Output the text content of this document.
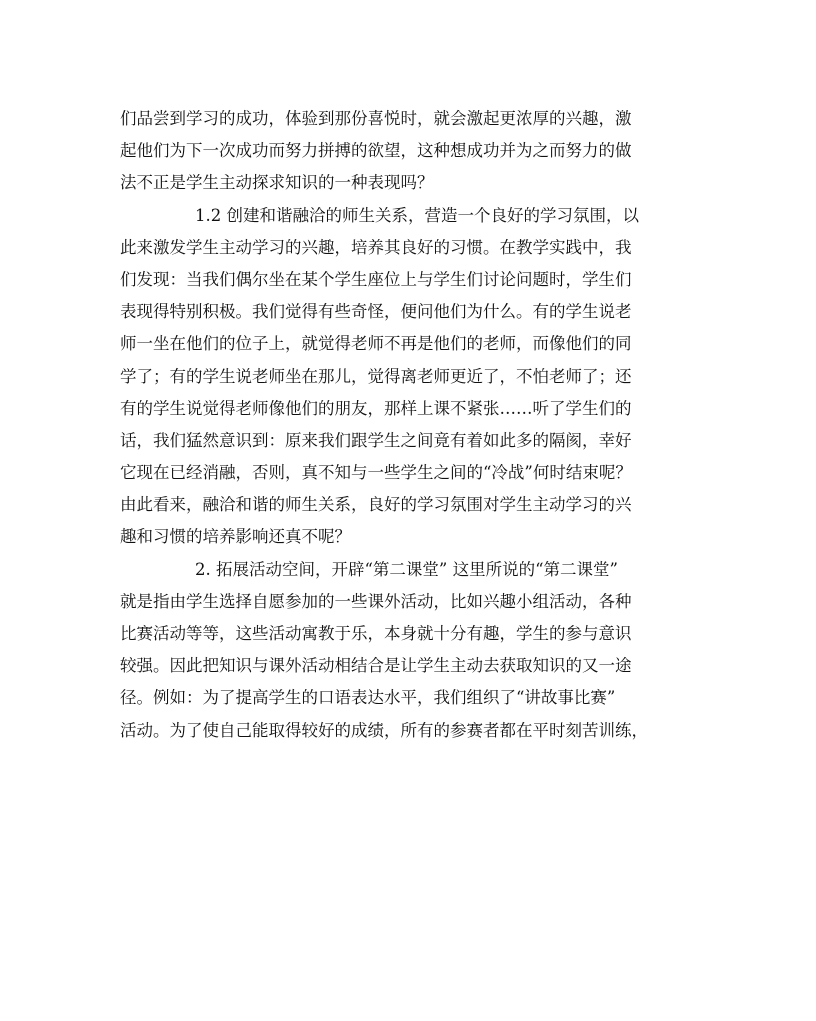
们品尝到学习的成功，体验到那份喜悦时，就会激起更浓厚的兴趣，激
起他们为下一次成功而努力拼搏的欲望，这种想成功并为之而努力的做
法不正是学生主动探求知识的一种表现吗？
1.2 创建和谐融洽的师生关系，营造一个良好的学习氛围，以
此来激发学生主动学习的兴趣，培养其良好的习惯。在教学实践中，我
们发现：当我们偶尔坐在某个学生座位上与学生们讨论问题时，学生们
表现得特别积极。我们觉得有些奇怪，便问他们为什么。有的学生说老
师一坐在他们的位子上，就觉得老师不再是他们的老师，而像他们的同
学了；有的学生说老师坐在那儿，觉得离老师更近了，不怕老师了；还
有的学生说觉得老师像他们的朋友，那样上课不紧张……听了学生们的
话，我们猛然意识到：原来我们跟学生之间竟有着如此多的隔阂，幸好
它现在已经消融，否则，真不知与一些学生之间的“冷战”何时结束呢？
由此看来，融洽和谐的师生关系，良好的学习氛围对学生主动学习的兴
趣和习惯的培养影响还真不呢？
2. 拓展活动空间，开辟“第二课堂” 这里所说的“第二课堂”
就是指由学生选择自愿参加的一些课外活动，比如兴趣小组活动，各种
比赛活动等等，这些活动寓教于乐，本身就十分有趣，学生的参与意识
较强。因此把知识与课外活动相结合是让学生主动去获取知识的又一途
径。例如：为了提高学生的口语表达水平，我们组织了“讲故事比赛”
活动。为了使自己能取得较好的成绩，所有的参赛者都在平时刻苦训练，
